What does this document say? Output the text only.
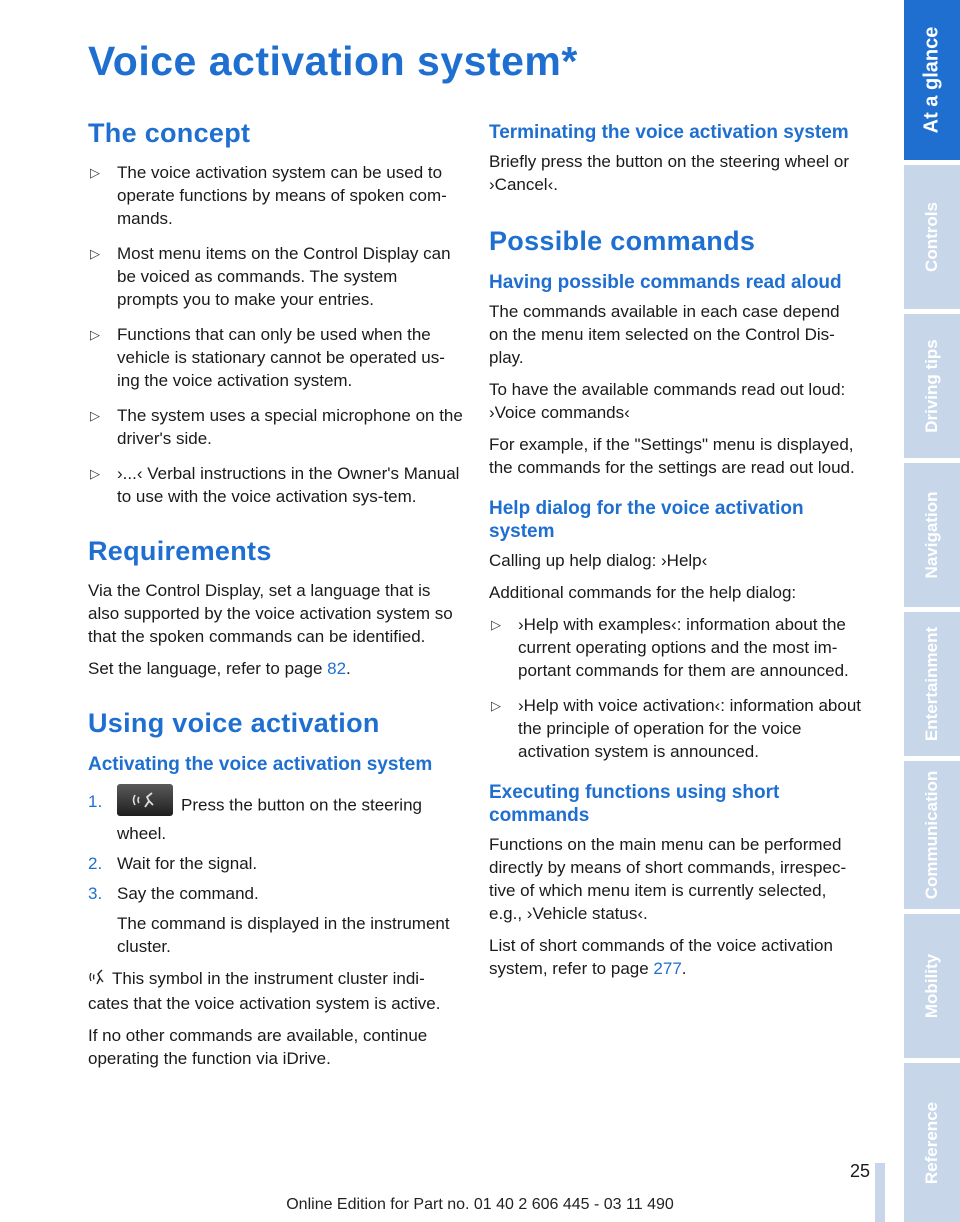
Voice activation system*
The concept
▷ The voice activation system can be used to operate functions by means of spoken com-mands.
▷ Most menu items on the Control Display can be voiced as commands. The system prompts you to make your entries.
▷ Functions that can only be used when the vehicle is stationary cannot be operated us-ing the voice activation system.
▷ The system uses a special microphone on the driver's side.
▷ ›...‹ Verbal instructions in the Owner's Manual to use with the voice activation sys-tem.
Requirements

Via the Control Display, set a language that is also supported by the voice activation system so that the spoken commands can be identified.

Set the language, refer to page 82.

Using voice activation
Activating the voice activation system
1.	Press the button on the steering wheel.
2. Wait for the signal.
3. Say the command.

The command is displayed in the instrument cluster.

This symbol in the instrument cluster indi-cates that the voice activation system is active.

If no other commands are available, continue operating the function via iDrive.

Terminating the voice activation system

Briefly press the button on the steering wheel or ›Cancel‹.

Possible commands
Having possible commands read aloud

The commands available in each case depend on the menu item selected on the Control Dis-play.

To have the available commands read out loud: ›Voice commands‹

For example, if the "Settings" menu is displayed, the commands for the settings are read out loud.

Help dialog for the voice activation system

Calling up help dialog: ›Help‹

Additional commands for the help dialog:

▷ ›Help with examples‹: information about the current operating options and the most im-portant commands for them are announced.
▷ ›Help with voice activation‹: information about the principle of operation for the voice activation system is announced.
Executing functions using short commands

Functions on the main menu can be performed directly by means of short commands, irrespec-tive of which menu item is currently selected, e.g., ›Vehicle status‹.

List of short commands of the voice activation system, refer to page 277.

At a glance
Controls
Driving tips
Navigation
Entertainment
Communication
Mobility
Reference
25
Online Edition for Part no. 01 40 2 606 445 - 03 11 490
